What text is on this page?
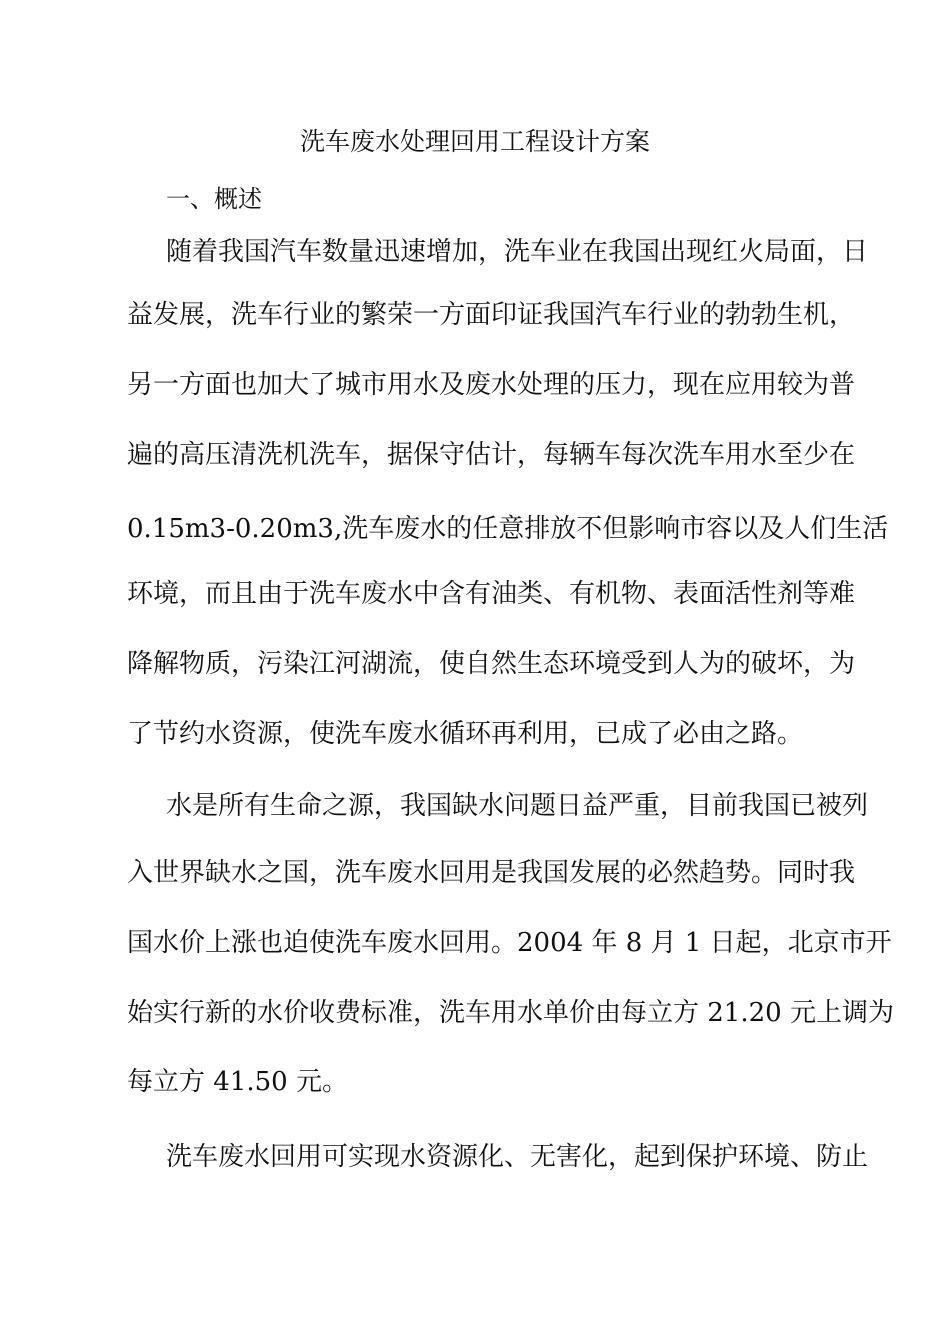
洗车废水处理回用工程设计方案
一、概述
随着我国汽车数量迅速增加，洗车业在我国出现红火局面，日
益发展，洗车行业的繁荣一方面印证我国汽车行业的勃勃生机，
另一方面也加大了城市用水及废水处理的压力，现在应用较为普
遍的高压清洗机洗车，据保守估计，每辆车每次洗车用水至少在
0.15m3-0.20m3,洗车废水的任意排放不但影响市容以及人们生活
环境，而且由于洗车废水中含有油类、有机物、表面活性剂等难
降解物质，污染江河湖流，使自然生态环境受到人为的破坏，为
了节约水资源，使洗车废水循环再利用，已成了必由之路。
水是所有生命之源，我国缺水问题日益严重，目前我国已被列
入世界缺水之国，洗车废水回用是我国发展的必然趋势。同时我
国水价上涨也迫使洗车废水回用。2004 年 8 月 1 日起，北京市开
始实行新的水价收费标准，洗车用水单价由每立方 21.20 元上调为
每立方 41.50 元。
洗车废水回用可实现水资源化、无害化，起到保护环境、防止
